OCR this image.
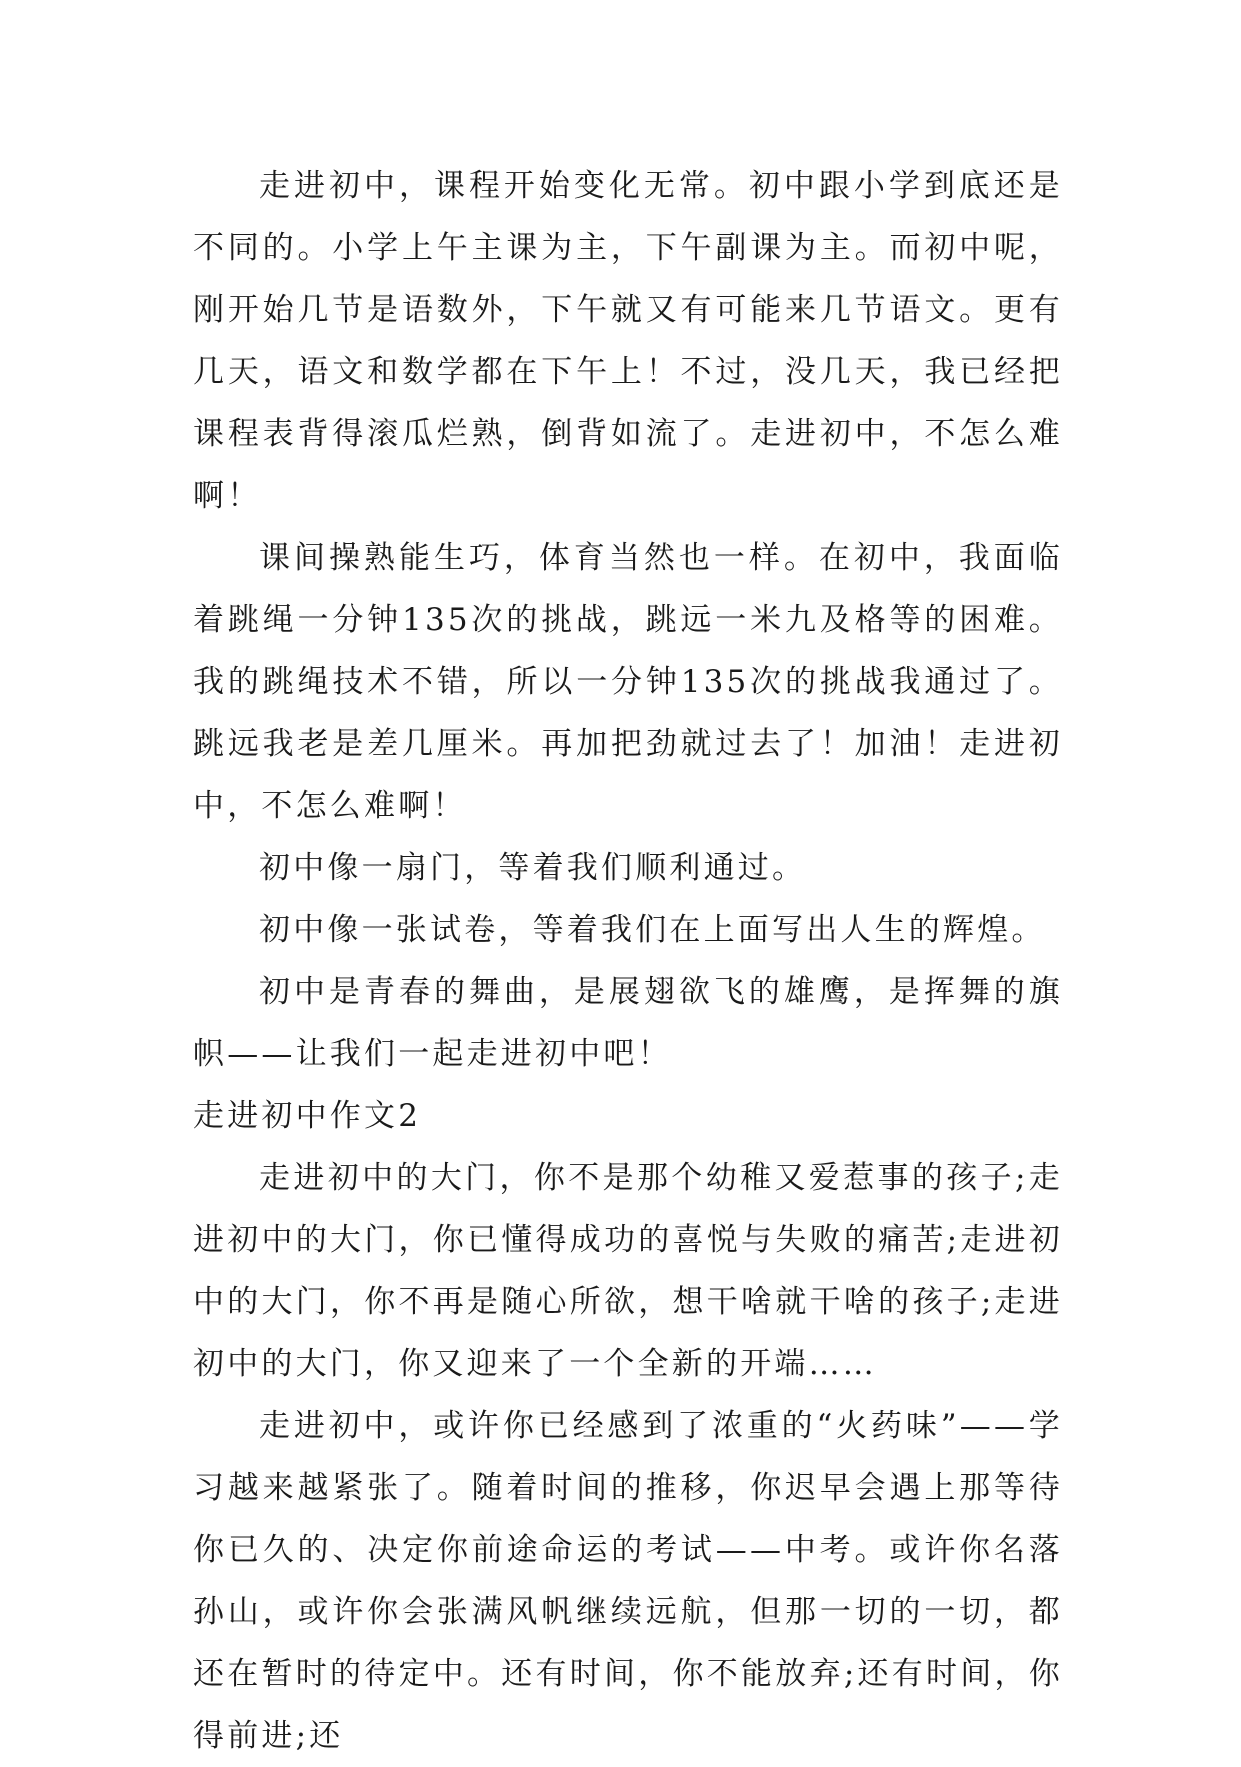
走进初中，课程开始变化无常。初中跟小学到底还是不同的。小学上午主课为主，下午副课为主。而初中呢，刚开始几节是语数外，下午就又有可能来几节语文。更有几天，语文和数学都在下午上！不过，没几天，我已经把课程表背得滚瓜烂熟，倒背如流了。走进初中，不怎么难啊！

课间操熟能生巧，体育当然也一样。在初中，我面临着跳绳一分钟135次的挑战，跳远一米九及格等的困难。我的跳绳技术不错，所以一分钟135次的挑战我通过了。跳远我老是差几厘米。再加把劲就过去了！加油！走进初中，不怎么难啊！

初中像一扇门，等着我们顺利通过。

初中像一张试卷，等着我们在上面写出人生的辉煌。

初中是青春的舞曲，是展翅欲飞的雄鹰，是挥舞的旗帜——让我们一起走进初中吧！

走进初中作文2

走进初中的大门，你不是那个幼稚又爱惹事的孩子;走进初中的大门，你已懂得成功的喜悦与失败的痛苦;走进初中的大门，你不再是随心所欲，想干啥就干啥的孩子;走进初中的大门，你又迎来了一个全新的开端……

走进初中，或许你已经感到了浓重的“火药味”——学习越来越紧张了。随着时间的推移，你迟早会遇上那等待你已久的、决定你前途命运的考试——中考。或许你名落孙山，或许你会张满风帆继续远航，但那一切的一切，都还在暂时的待定中。还有时间，你不能放弃;还有时间，你得前进;还
